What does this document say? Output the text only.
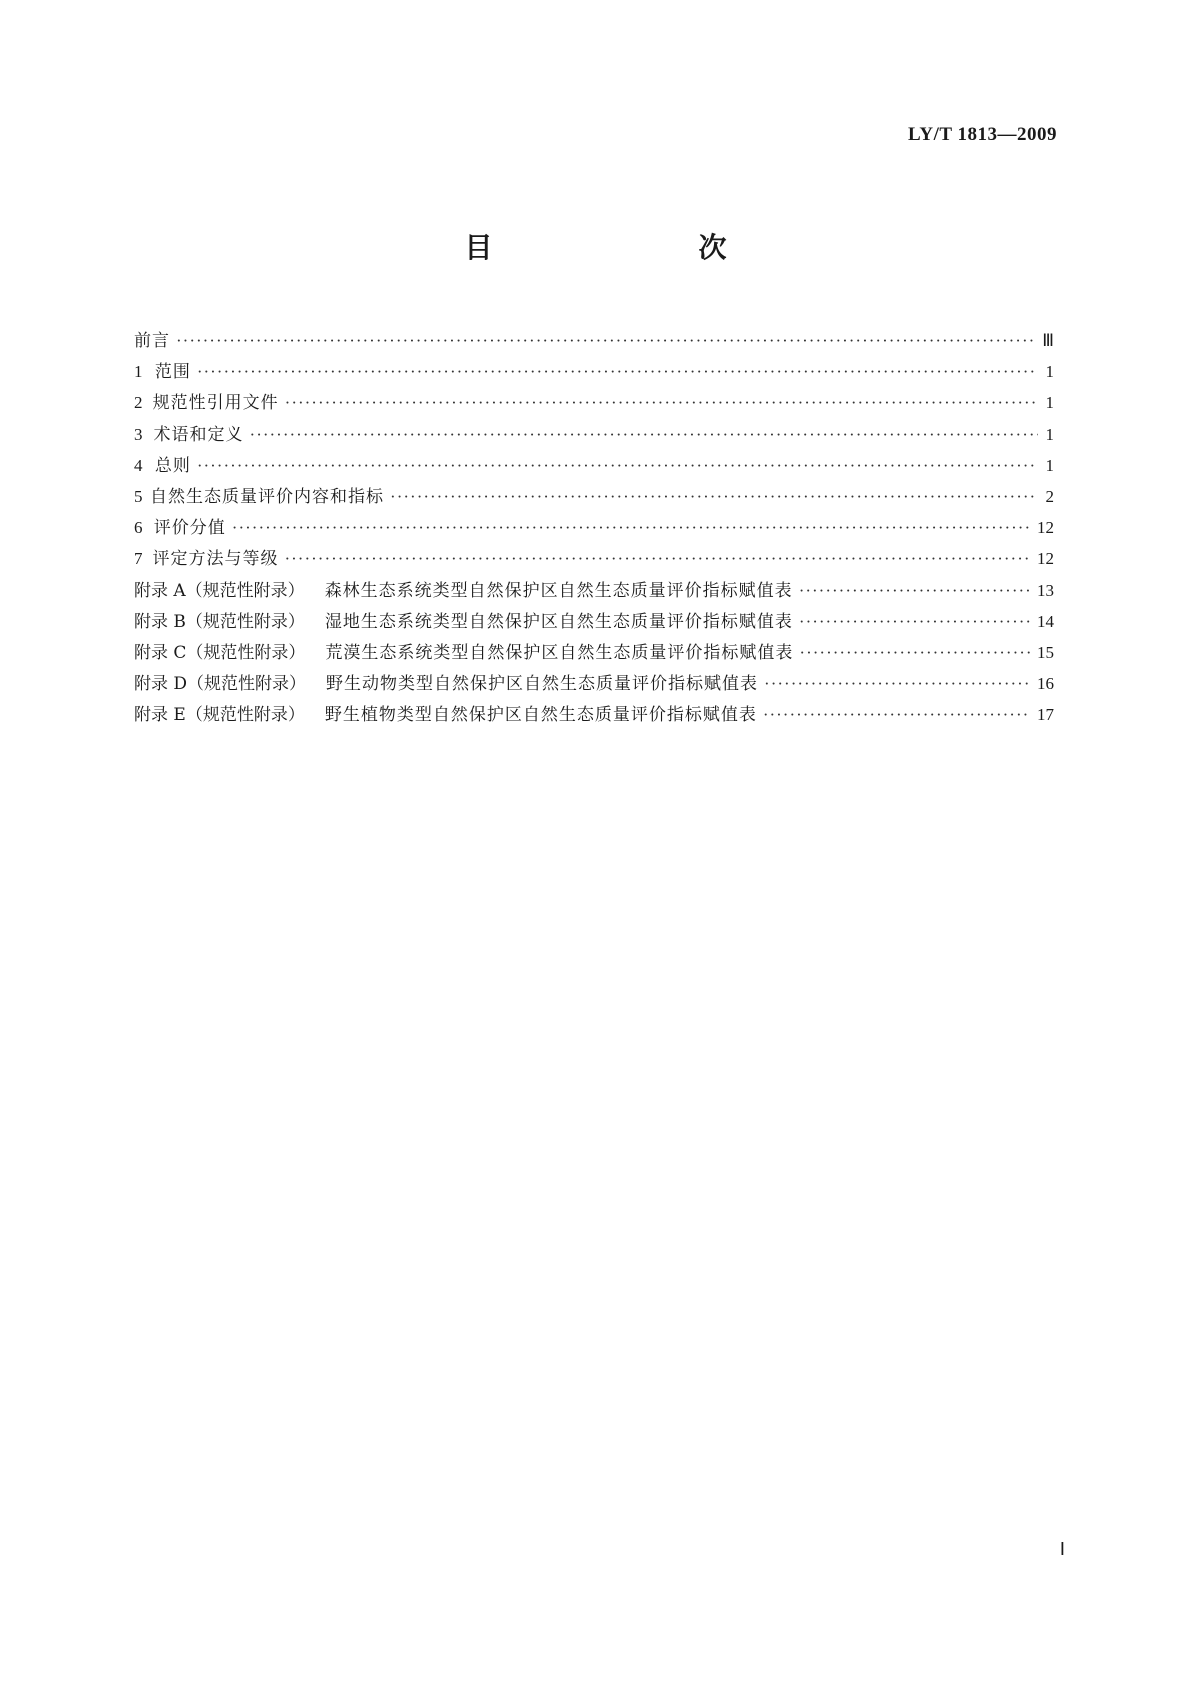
LY/T 1813—2009
目　　次
前言 ·····	Ⅲ
1 范围 ·····	1
2 规范性引用文件 ·····	1
3 术语和定义 ·····	1
4 总则 ·····	1
5 自然生态质量评价内容和指标 ·····	2
6 评价分值 ·····	12
7 评定方法与等级 ·····	12
附录 A（规范性附录） 森林生态系统类型自然保护区自然生态质量评价指标赋值表 ·····	13
附录 B（规范性附录） 湿地生态系统类型自然保护区自然生态质量评价指标赋值表 ·····	14
附录 C（规范性附录） 荒漠生态系统类型自然保护区自然生态质量评价指标赋值表 ·····	15
附录 D（规范性附录） 野生动物类型自然保护区自然生态质量评价指标赋值表 ·····	16
附录 E（规范性附录） 野生植物类型自然保护区自然生态质量评价指标赋值表 ·····	17
Ⅰ
